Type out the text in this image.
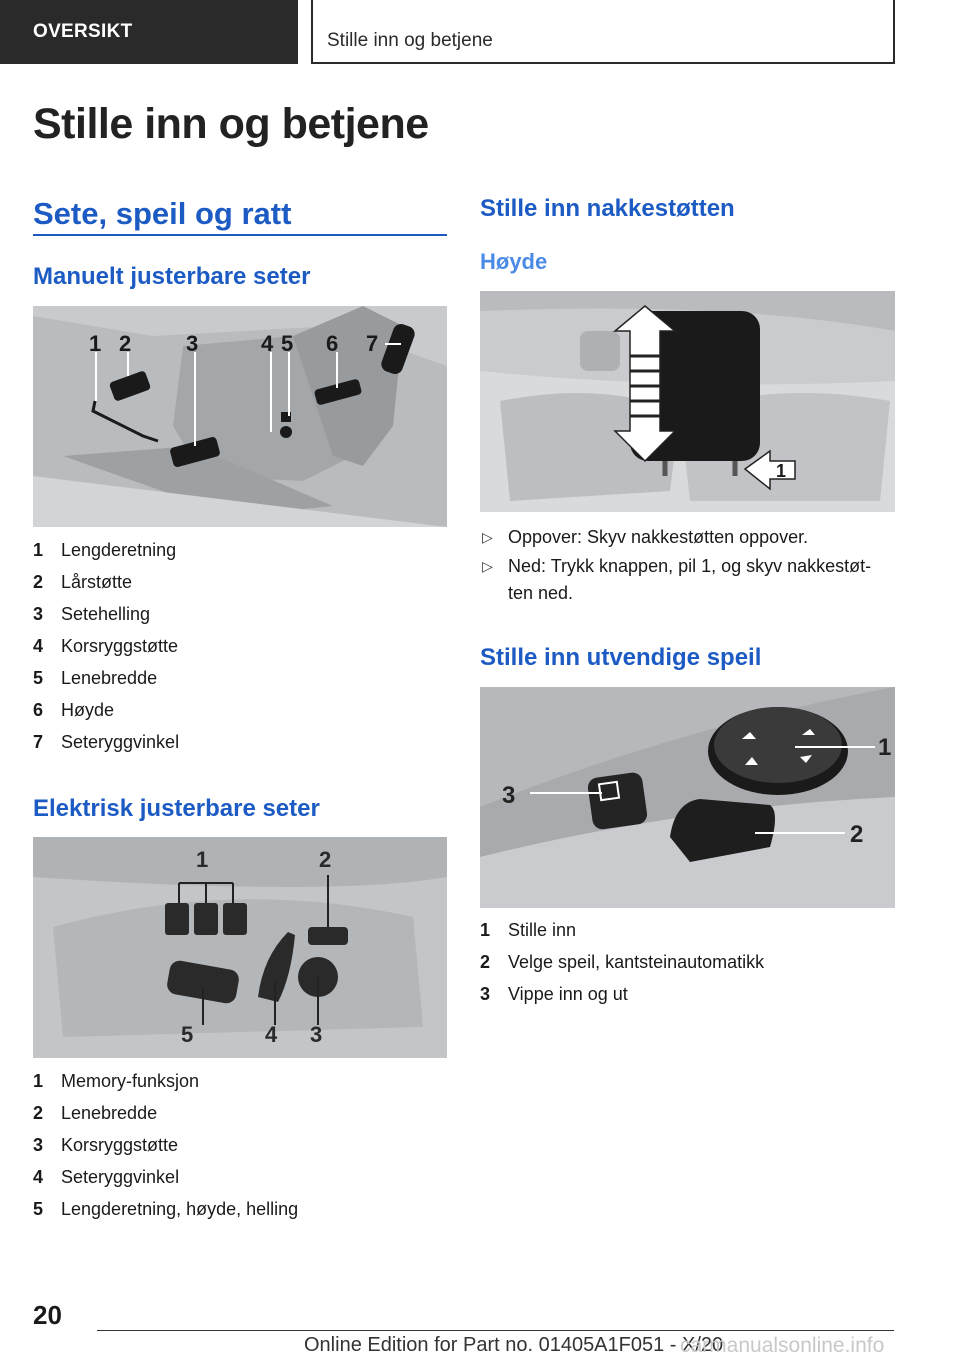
OVERSIKT	Stille inn og betjene
Stille inn og betjene
Sete, speil og ratt
Manuelt justerbare seter
1 2 3	4 5 6 7
1 Lengderetning
2 Lårstøtte
3 Setehelling
4 Korsryggstøtte
5 Lenebredde
6 Høyde
7 Seteryggvinkel
Elektrisk justerbare seter
1	2
5	4 3
1 Memory-funksjon
2 Lenebredde
3 Korsryggstøtte
4 Seteryggvinkel
5 Lengderetning, høyde, helling
Stille inn nakkestøtten
Høyde
1
▷ Oppover: Skyv nakkestøtten oppover.
▷ Ned: Trykk knappen, pil 1, og skyv nakkestøt-ten ned.
Stille inn utvendige speil
1
2
3
1 Stille inn
2 Velge speil, kantsteinautomatikk
3 Vippe inn og ut
20
Online Edition for Part no. 01405A1F051 - X/20
carmanualsonline.info
